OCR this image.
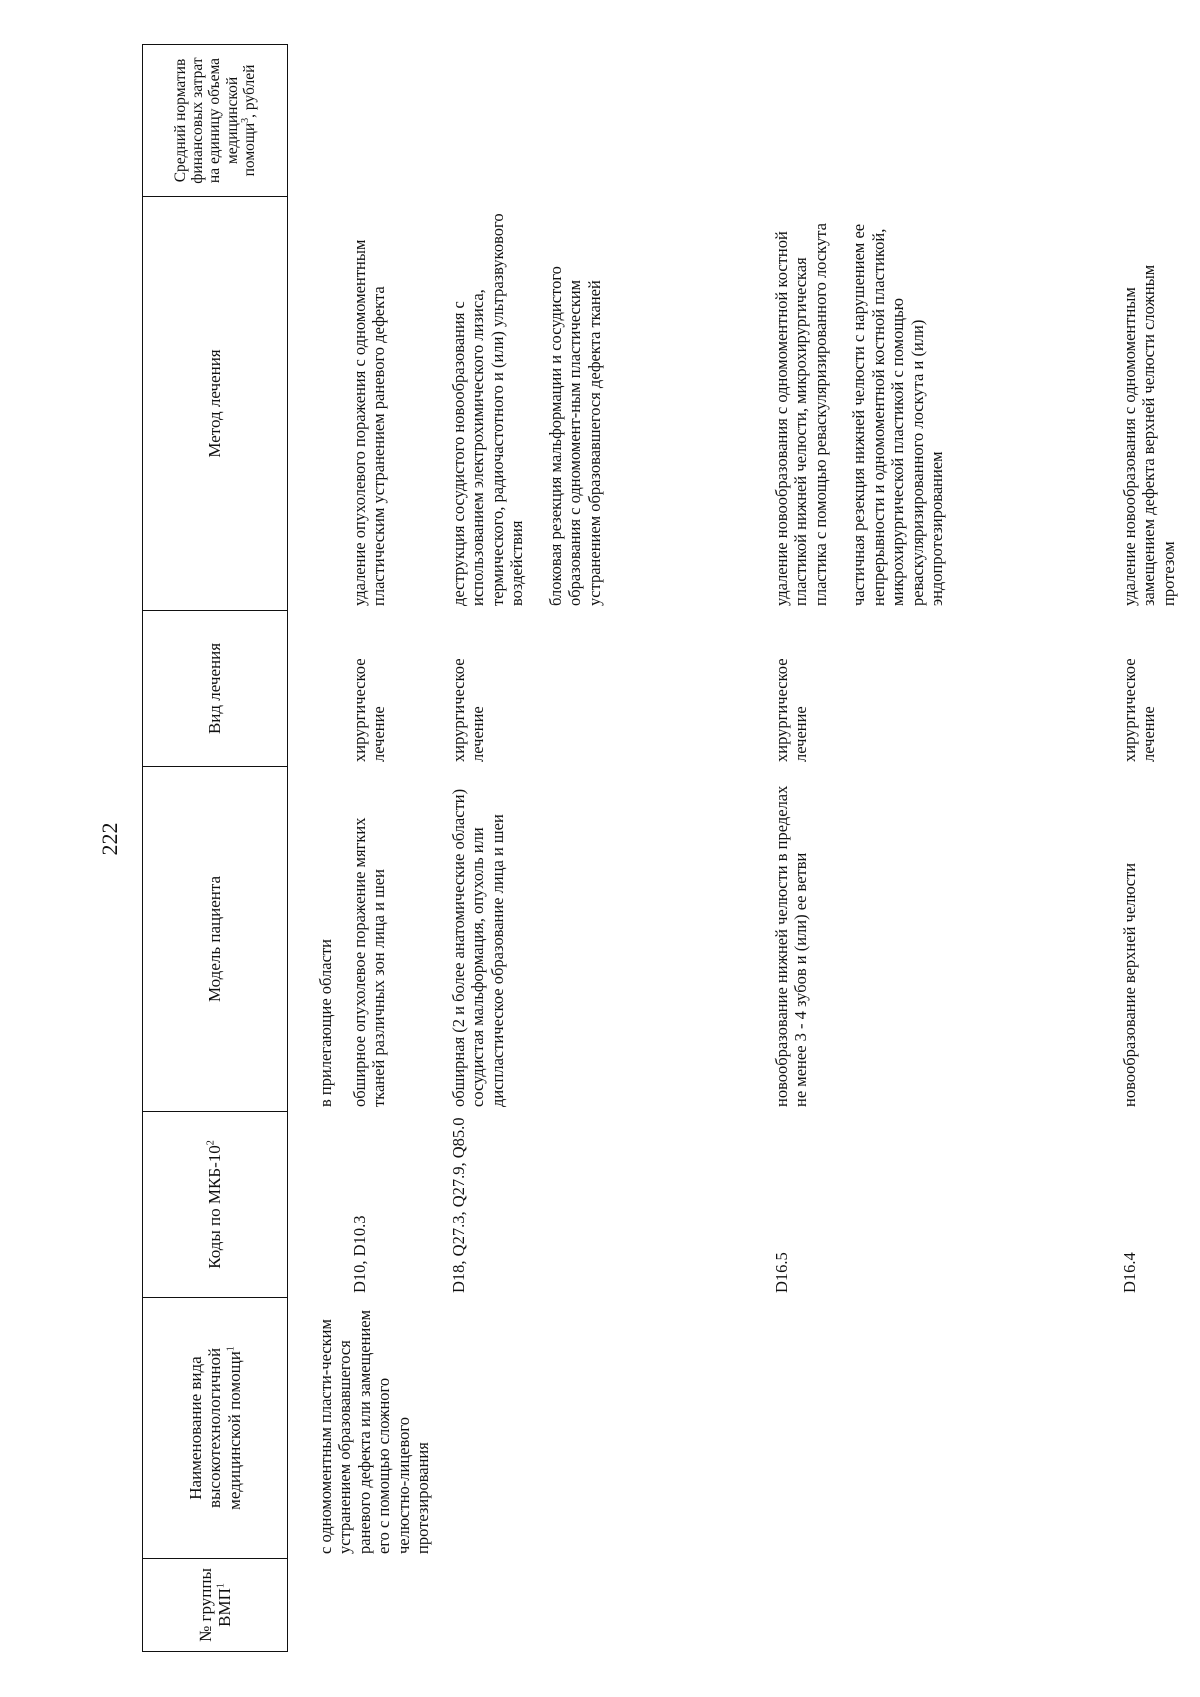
222
№ группы ВМП$^1$
Наименование вида высокотехнологичной медицинской помощи$^1$
Коды по МКБ-$10^2$
Модель пациента
Вид лечения
Метод лечения
Средний норматив финансовых затрат на единицу объема медицинской помощи$^3$, рублей
с одномоментным пласти-ческим устранением образовавшегося раневого дефекта или замещением его с помощью сложного челюстно-лицевого протезирования
в прилегающие области
D10, D10.3
обширное опухолевое поражение мягких тканей различных зон лица и шеи
хирургическое лечение
удаление опухолевого поражения с одномоментным пластическим устранением раневого дефекта
D18, Q27.3, Q27.9, Q85.0
обширная (2 и более анатомические области) сосудистая мальформация, опухоль или диспластическое образование лица и шеи
хирургическое лечение
деструкция сосудистого новообразования с использованием электрохимического лизиса, термического, радиочастотного и (или) ультразвукового воздействия блоковая резекция мальформации и сосудистого образования с одномомент-ным пластическим устранением образовавшегося дефекта тканей
D16.5
новообразование нижней челюсти в пределах не менее 3 - 4 зубов и (или) ее ветви
хирургическое лечение
удаление новообразования с одномоментной костной пластикой нижней челюсти, микрохирургическая пластика с помощью реваскуляризированного лоскута частичная резекция нижней челюсти с нарушением ее непрерывности и одномоментной костной пластикой, микрохирургической пластикой с помощью реваскуляризированного лоскута и (или) эндопротезированием
D16.4
новообразование верхней челюсти
хирургическое лечение
удаление новообразования с одномоментным замещением дефекта верхней челюсти сложным протезом
